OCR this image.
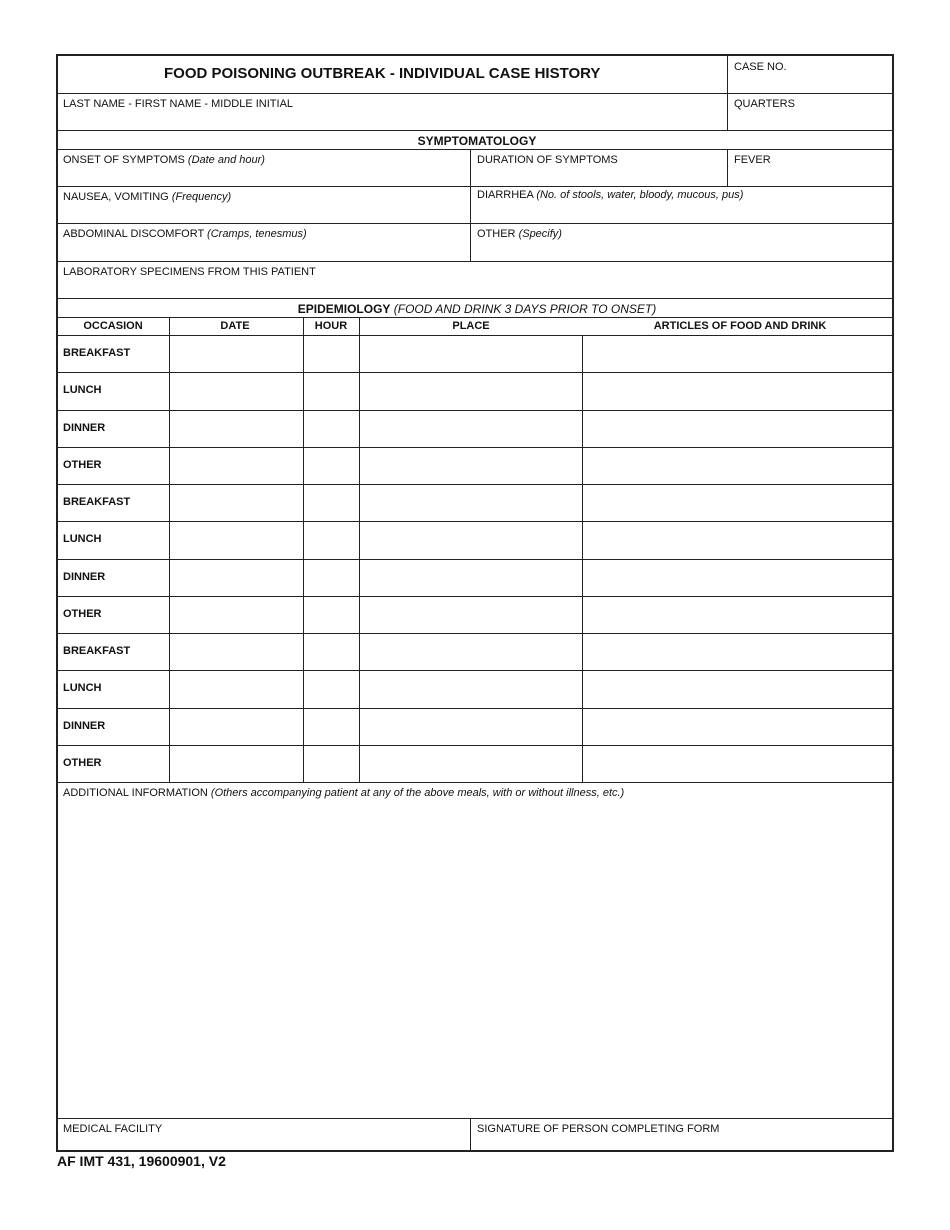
FOOD POISONING OUTBREAK - INDIVIDUAL CASE HISTORY	CASE NO.
LAST NAME - FIRST NAME - MIDDLE INITIAL	QUARTERS
SYMPTOMATOLOGY
ONSET OF SYMPTOMS (Date and hour)	DURATION OF SYMPTOMS	FEVER
NAUSEA, VOMITING (Frequency)	DIARRHEA (No. of stools, water, bloody, mucous, pus)
ABDOMINAL DISCOMFORT (Cramps, tenesmus)	OTHER (Specify)
LABORATORY SPECIMENS FROM THIS PATIENT
EPIDEMIOLOGY (FOOD AND DRINK 3 DAYS PRIOR TO ONSET)
OCCASION	DATE	HOUR	PLACE	ARTICLES OF FOOD AND DRINK
BREAKFAST
LUNCH
DINNER
OTHER
BREAKFAST
LUNCH
DINNER
OTHER
BREAKFAST
LUNCH
DINNER
OTHER
ADDITIONAL INFORMATION (Others accompanying patient at any of the above meals, with or without illness, etc.)
MEDICAL FACILITY	SIGNATURE OF PERSON COMPLETING FORM
AF IMT 431, 19600901, V2
